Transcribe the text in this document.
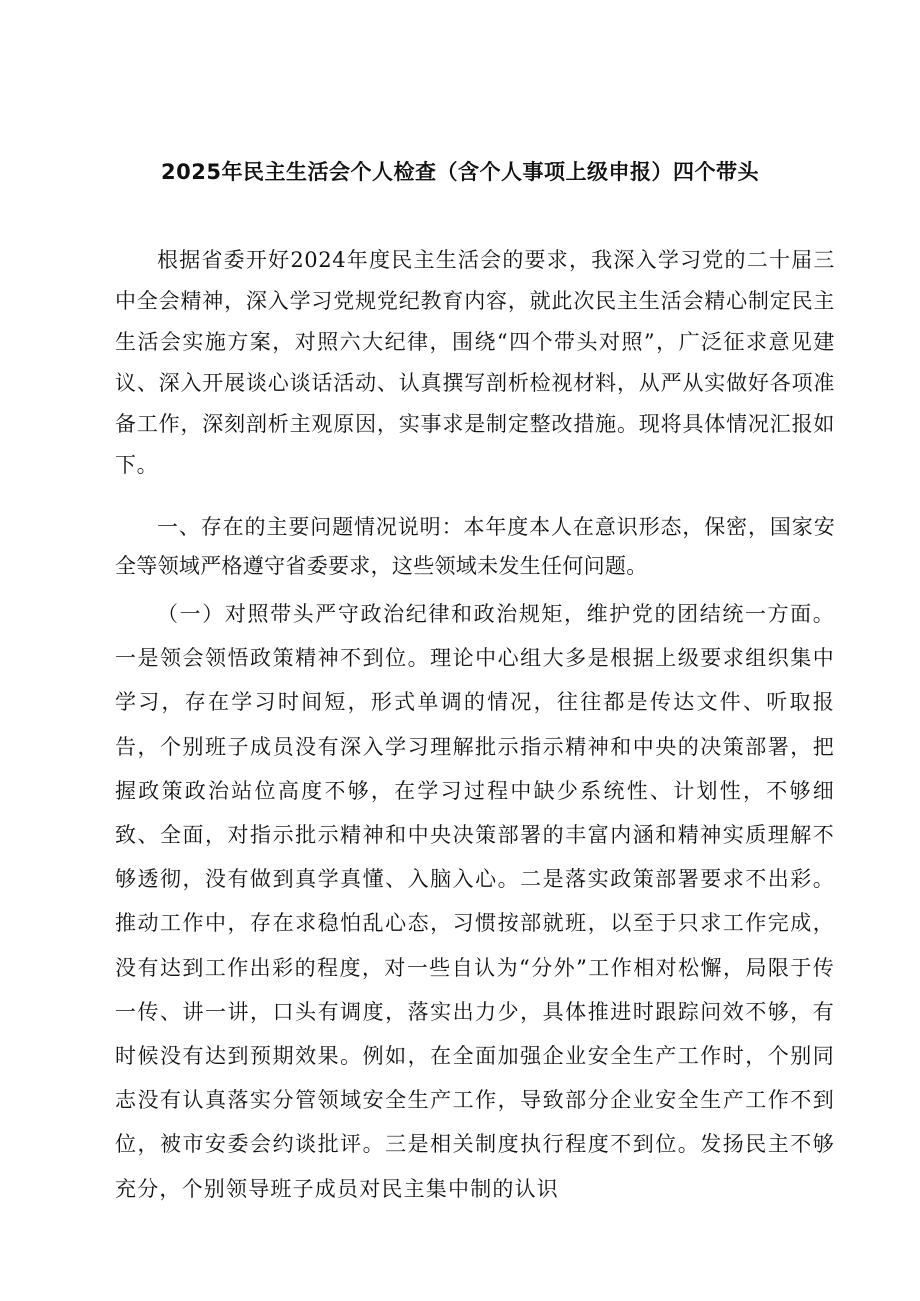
2025年民主生活会个人检查（含个人事项上级申报）四个带头

根据省委开好2024年度民主生活会的要求，我深入学习党的二十届三中全会精神，深入学习党规党纪教育内容，就此次民主生活会精心制定民主生活会实施方案，对照六大纪律，围绕“四个带头对照”，广泛征求意见建议、深入开展谈心谈话活动、认真撰写剖析检视材料，从严从实做好各项准备工作，深刻剖析主观原因，实事求是制定整改措施。现将具体情况汇报如下。

一、存在的主要问题情况说明：本年度本人在意识形态，保密，国家安全等领域严格遵守省委要求，这些领域未发生任何问题。

（一）对照带头严守政治纪律和政治规矩，维护党的团结统一方面。一是领会领悟政策精神不到位。理论中心组大多是根据上级要求组织集中学习，存在学习时间短，形式单调的情况，往往都是传达文件、听取报告，个别班子成员没有深入学习理解批示指示精神和中央的决策部署，把握政策政治站位高度不够，在学习过程中缺少系统性、计划性，不够细致、全面，对指示批示精神和中央决策部署的丰富内涵和精神实质理解不够透彻，没有做到真学真懂、入脑入心。二是落实政策部署要求不出彩。推动工作中，存在求稳怕乱心态，习惯按部就班，以至于只求工作完成，没有达到工作出彩的程度，对一些自认为“分外”工作相对松懈，局限于传一传、讲一讲，口头有调度，落实出力少，具体推进时跟踪问效不够，有时候没有达到预期效果。例如，在全面加强企业安全生产工作时，个别同志没有认真落实分管领域安全生产工作，导致部分企业安全生产工作不到位，被市安委会约谈批评。三是相关制度执行程度不到位。发扬民主不够充分，个别领导班子成员对民主集中制的认识
